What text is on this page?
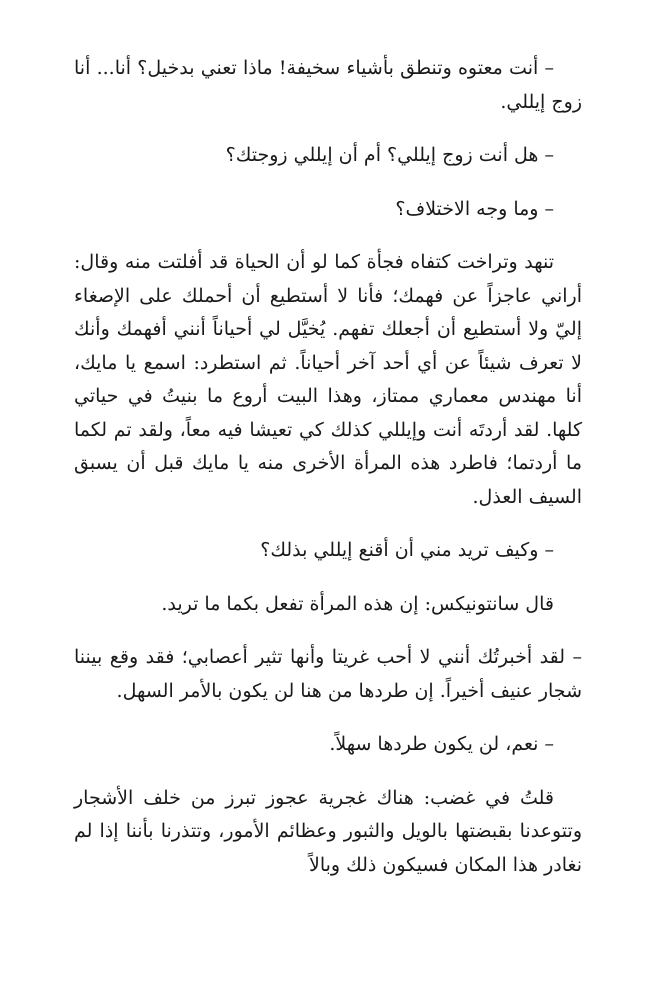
– أنت معتوه وتنطق بأشياء سخيفة! ماذا تعني بدخيل؟ أنا... أنا زوج إيللي.

– هل أنت زوج إيللي؟ أم أن إيللي زوجتك؟

– وما وجه الاختلاف؟

تنهد وتراخت كتفاه فجأة كما لو أن الحياة قد أفلتت منه وقال: أراني عاجزاً عن فهمك؛ فأنا لا أستطيع أن أحملك على الإصغاء إليّ ولا أستطيع أن أجعلك تفهم. يُخيَّل لي أحياناً أنني أفهمك وأنك لا تعرف شيئاً عن أي أحد آخر أحياناً. ثم استطرد: اسمع يا مايك، أنا مهندس معماري ممتاز، وهذا البيت أروع ما بنيتُ في حياتي كلها. لقد أردتَه أنت وإيللي كذلك كي تعيشا فيه معاً، ولقد تم لكما ما أردتما؛ فاطرد هذه المرأة الأخرى منه يا مايك قبل أن يسبق السيف العذل.

– وكيف تريد مني أن أقنع إيللي بذلك؟

قال سانتونيكس: إن هذه المرأة تفعل بكما ما تريد.

– لقد أخبرتُك أنني لا أحب غريتا وأنها تثير أعصابي؛ فقد وقع بيننا شجار عنيف أخيراً. إن طردها من هنا لن يكون بالأمر السهل.

– نعم، لن يكون طردها سهلاً.

قلتُ في غضب: هناك غجرية عجوز تبرز من خلف الأشجار وتتوعدنا بقبضتها بالويل والثبور وعظائم الأمور، وتتذرنا بأننا إذا لم نغادر هذا المكان فسيكون ذلك وبالاً
